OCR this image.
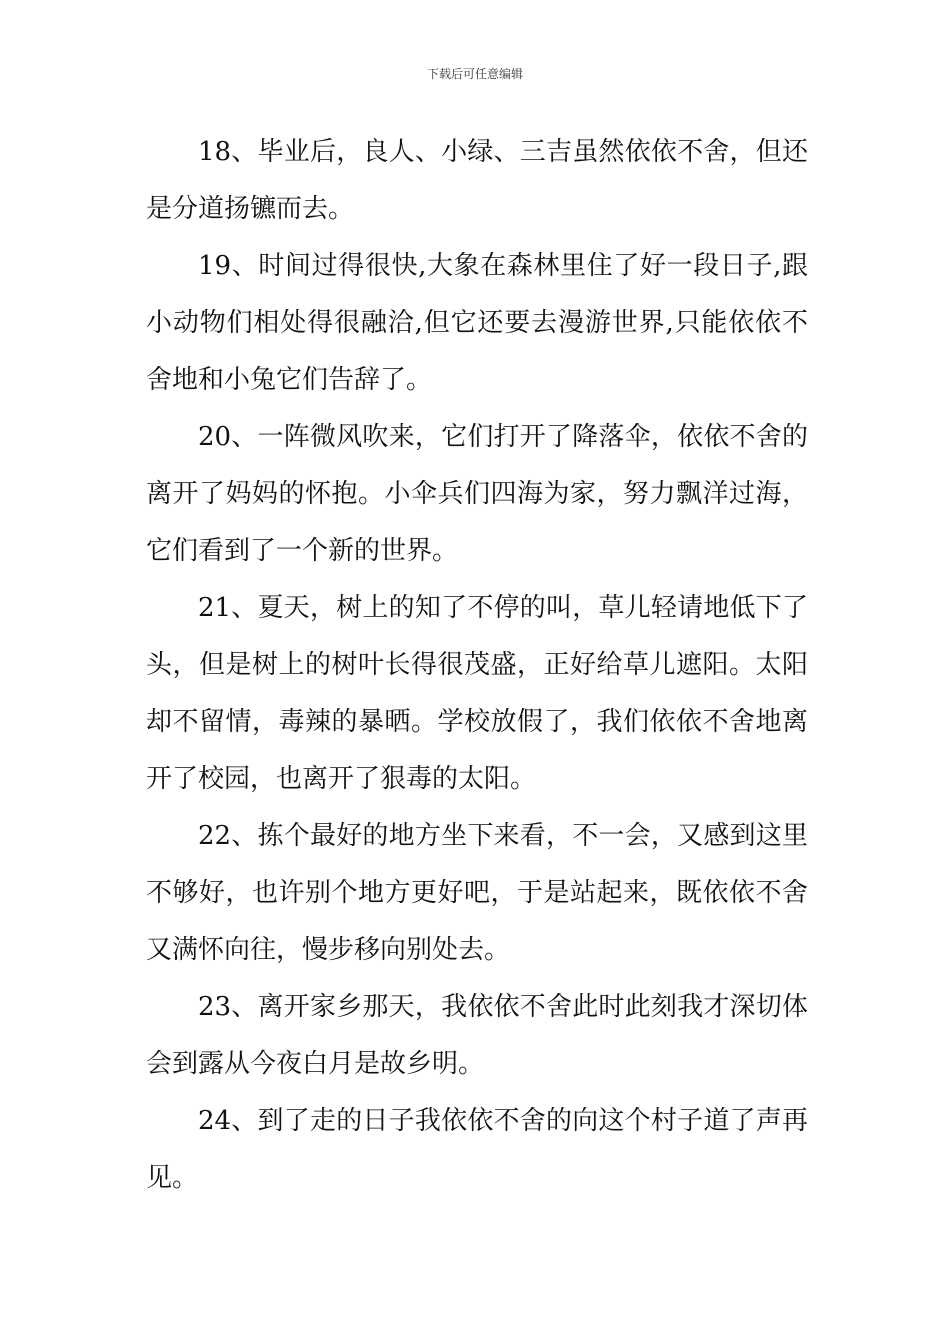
下载后可任意编辑

18、毕业后，良人、小绿、三吉虽然依依不舍，但还是分道扬镳而去。

19、时间过得很快,大象在森林里住了好一段日子,跟小动物们相处得很融洽,但它还要去漫游世界,只能依依不舍地和小兔它们告辞了。

20、一阵微风吹来，它们打开了降落伞，依依不舍的离开了妈妈的怀抱。小伞兵们四海为家，努力飘洋过海，它们看到了一个新的世界。

21、夏天，树上的知了不停的叫，草儿轻请地低下了头，但是树上的树叶长得很茂盛，正好给草儿遮阳。太阳却不留情，毒辣的暴晒。学校放假了，我们依依不舍地离开了校园，也离开了狠毒的太阳。

22、拣个最好的地方坐下来看，不一会，又感到这里不够好，也许别个地方更好吧，于是站起来，既依依不舍又满怀向往，慢步移向别处去。

23、离开家乡那天，我依依不舍此时此刻我才深切体会到露从今夜白月是故乡明。

24、到了走的日子我依依不舍的向这个村子道了声再见。
